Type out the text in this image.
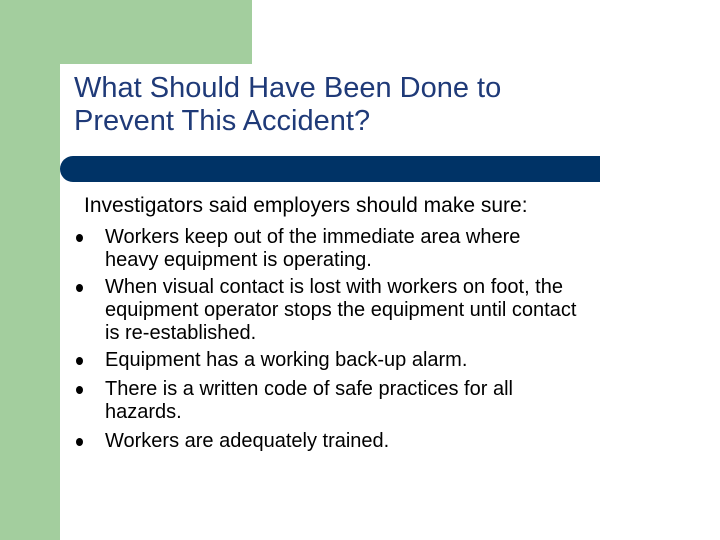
What Should Have Been Done to
Prevent This Accident?
Investigators said employers should make sure:
Workers keep out of the immediate area where
heavy equipment is operating.
When visual contact is lost with workers on foot, the
equipment operator stops the equipment until contact
is re-established.
Equipment has a working back-up alarm.
There is a written code of safe practices for all
hazards.
Workers are adequately trained.
